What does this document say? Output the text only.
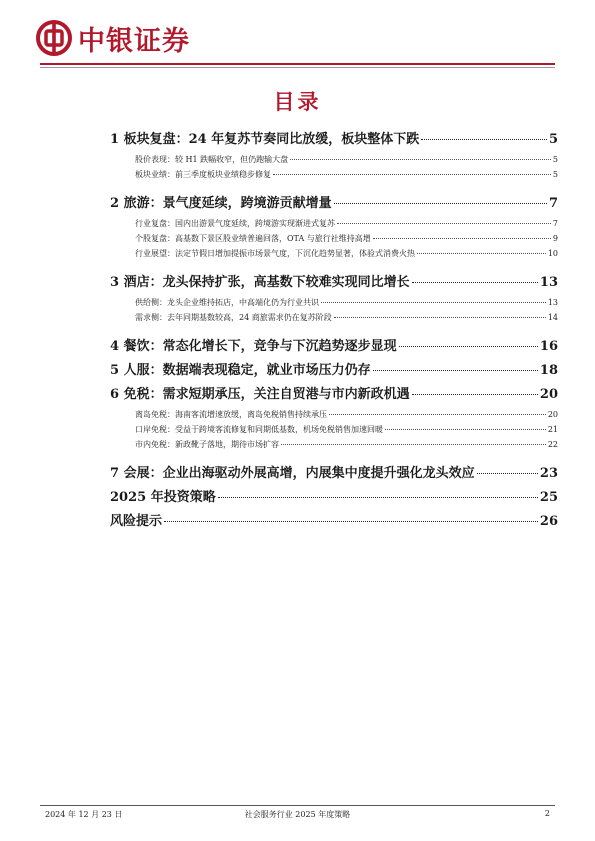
中银证券
目录
1 板块复盘：24 年复苏节奏同比放缓，板块整体下跌	5
股价表现：较 H1 跌幅收窄，但仍跑输大盘	5
板块业绩：前三季度板块业绩稳步修复	5
2 旅游：景气度延续，跨境游贡献增量	7
行业复盘：国内出游景气度延续，跨境游实现渐进式复苏	7
个股复盘：高基数下景区股业绩普遍回落，OTA 与旅行社维持高增	9
行业展望：法定节假日增加提振市场景气度，下沉化趋势显著，体验式消费火热	10
3 酒店：龙头保持扩张，高基数下较难实现同比增长	13
供给侧：龙头企业维持拓店，中高端化仍为行业共识	13
需求侧：去年同期基数较高，24 商旅需求仍在复苏阶段	14
4 餐饮：常态化增长下，竞争与下沉趋势逐步显现	16
5 人服：数据端表现稳定，就业市场压力仍存	18
6 免税：需求短期承压，关注自贸港与市内新政机遇	20
离岛免税：海南客流增速放缓，离岛免税销售持续承压	20
口岸免税：受益于跨境客流修复和同期低基数，机场免税销售加速回暖	21
市内免税：新政靴子落地，期待市场扩容	22
7 会展：企业出海驱动外展高增，内展集中度提升强化龙头效应	23
2025 年投资策略	25
风险提示	26
2024 年 12 月 23 日	社会服务行业 2025 年度策略	2
